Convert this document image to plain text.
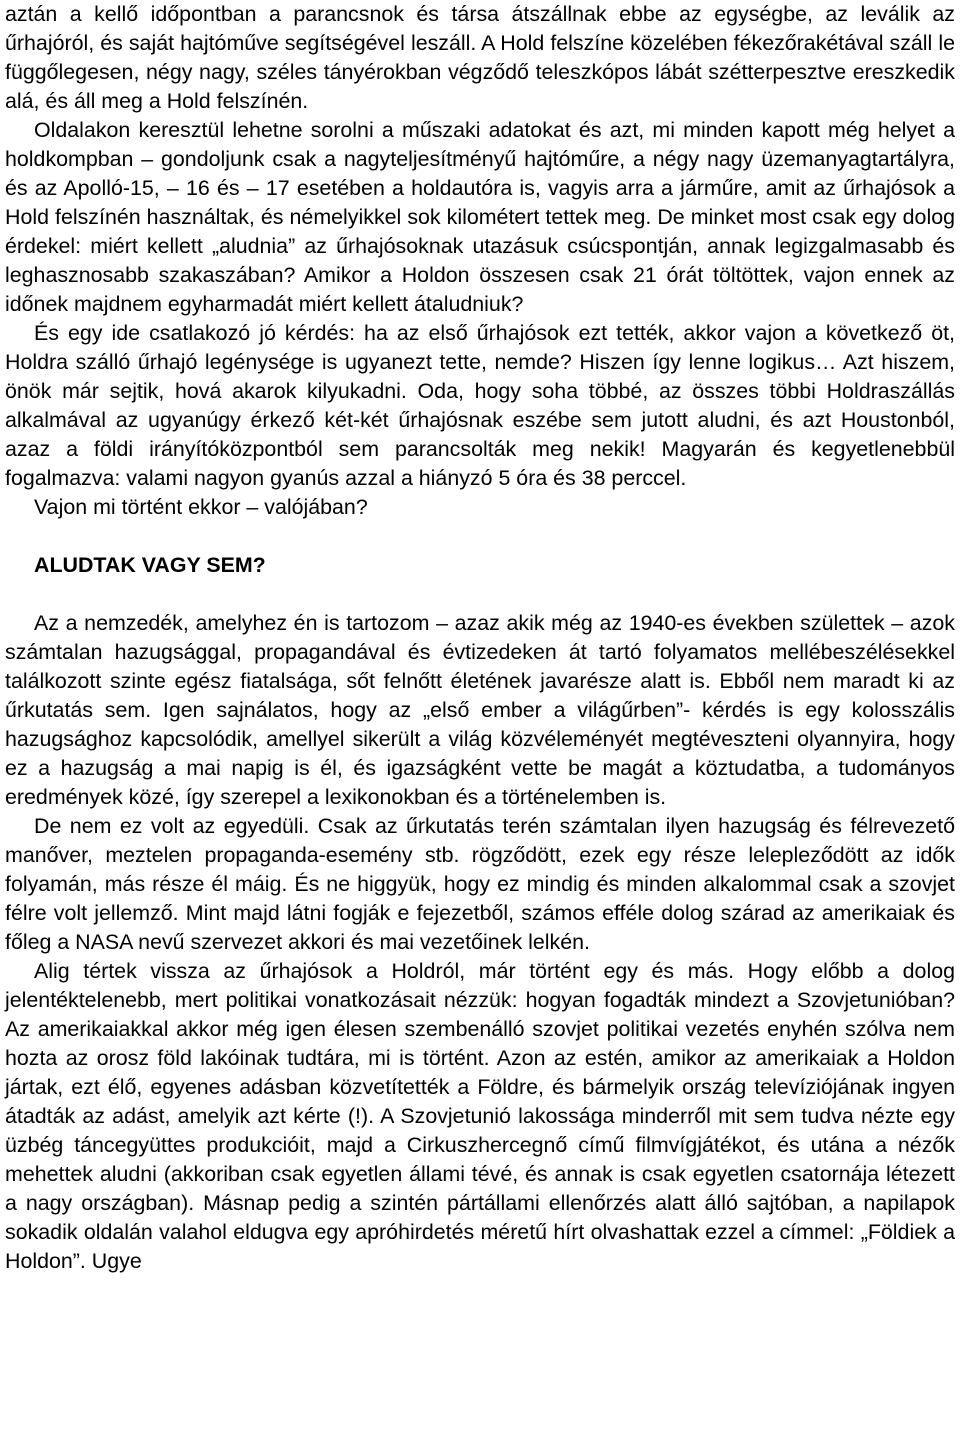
aztán a kellő időpontban a parancsnok és társa átszállnak ebbe az egységbe, az leválik az űrhajóról, és saját hajtóműve segítségével leszáll. A Hold felszíne közelében fékezőrakétával száll le függőlegesen, négy nagy, széles tányérokban végződő teleszkópos lábát szétterpesztve ereszkedik alá, és áll meg a Hold felszínén.

Oldalakon keresztül lehetne sorolni a műszaki adatokat és azt, mi minden kapott még helyet a holdkompban – gondoljunk csak a nagyteljesítményű hajtóműre, a négy nagy üzemanyagtartályra, és az Apolló-15, – 16 és – 17 esetében a holdautóra is, vagyis arra a járműre, amit az űrhajósok a Hold felszínén használtak, és némelyikkel sok kilométert tettek meg. De minket most csak egy dolog érdekel: miért kellett „aludnia” az űrhajósoknak utazásuk csúcspontján, annak legizgalmasabb és leghasznosabb szakaszában? Amikor a Holdon összesen csak 21 órát töltöttek, vajon ennek az időnek majdnem egyharmadát miért kellett átaludniuk?

És egy ide csatlakozó jó kérdés: ha az első űrhajósok ezt tették, akkor vajon a következő öt, Holdra szálló űrhajó legénysége is ugyanezt tette, nemde? Hiszen így lenne logikus… Azt hiszem, önök már sejtik, hová akarok kilyukadni. Oda, hogy soha többé, az összes többi Holdraszállás alkalmával az ugyanúgy érkező két-két űrhajósnak eszébe sem jutott aludni, és azt Houstonból, azaz a földi irányítóközpontból sem parancsolták meg nekik! Magyarán és kegyetlenebbül fogalmazva: valami nagyon gyanús azzal a hiányzó 5 óra és 38 perccel.

Vajon mi történt ekkor – valójában?

ALUDTAK VAGY SEM?

Az a nemzedék, amelyhez én is tartozom – azaz akik még az 1940-es években születtek – azok számtalan hazugsággal, propagandával és évtizedeken át tartó folyamatos mellébeszélésekkel találkozott szinte egész fiatalsága, sőt felnőtt életének javarésze alatt is. Ebből nem maradt ki az űrkutatás sem. Igen sajnálatos, hogy az „első ember a világűrben”- kérdés is egy kolosszális hazugsághoz kapcsolódik, amellyel sikerült a világ közvéleményét megtéveszteni olyannyira, hogy ez a hazugság a mai napig is él, és igazságként vette be magát a köztudatba, a tudományos eredmények közé, így szerepel a lexikonokban és a történelemben is.

De nem ez volt az egyedüli. Csak az űrkutatás terén számtalan ilyen hazugság és félrevezető manőver, meztelen propaganda-esemény stb. rögződött, ezek egy része lelepleződött az idők folyamán, más része él máig. És ne higgyük, hogy ez mindig és minden alkalommal csak a szovjet félre volt jellemző. Mint majd látni fogják e fejezetből, számos efféle dolog szárad az amerikaiak és főleg a NASA nevű szervezet akkori és mai vezetőinek lelkén.

Alig tértek vissza az űrhajósok a Holdról, már történt egy és más. Hogy előbb a dolog jelentéktelenebb, mert politikai vonatkozásait nézzük: hogyan fogadták mindezt a Szovjetunióban? Az amerikaiakkal akkor még igen élesen szembenálló szovjet politikai vezetés enyhén szólva nem hozta az orosz föld lakóinak tudtára, mi is történt. Azon az estén, amikor az amerikaiak a Holdon jártak, ezt élő, egyenes adásban közvetítették a Földre, és bármelyik ország televíziójának ingyen átadták az adást, amelyik azt kérte (!). A Szovjetunió lakossága minderről mit sem tudva nézte egy üzbég táncegyüttes produkcióit, majd a Cirkuszhercegnő című filmvígjátékot, és utána a nézők mehettek aludni (akkoriban csak egyetlen állami tévé, és annak is csak egyetlen csatornája létezett a nagy országban). Másnap pedig a szintén pártállami ellenőrzés alatt álló sajtóban, a napilapok sokadik oldalán valahol eldugva egy apróhirdetés méretű hírt olvashattak ezzel a címmel: „Földiek a Holdon”. Ugye
